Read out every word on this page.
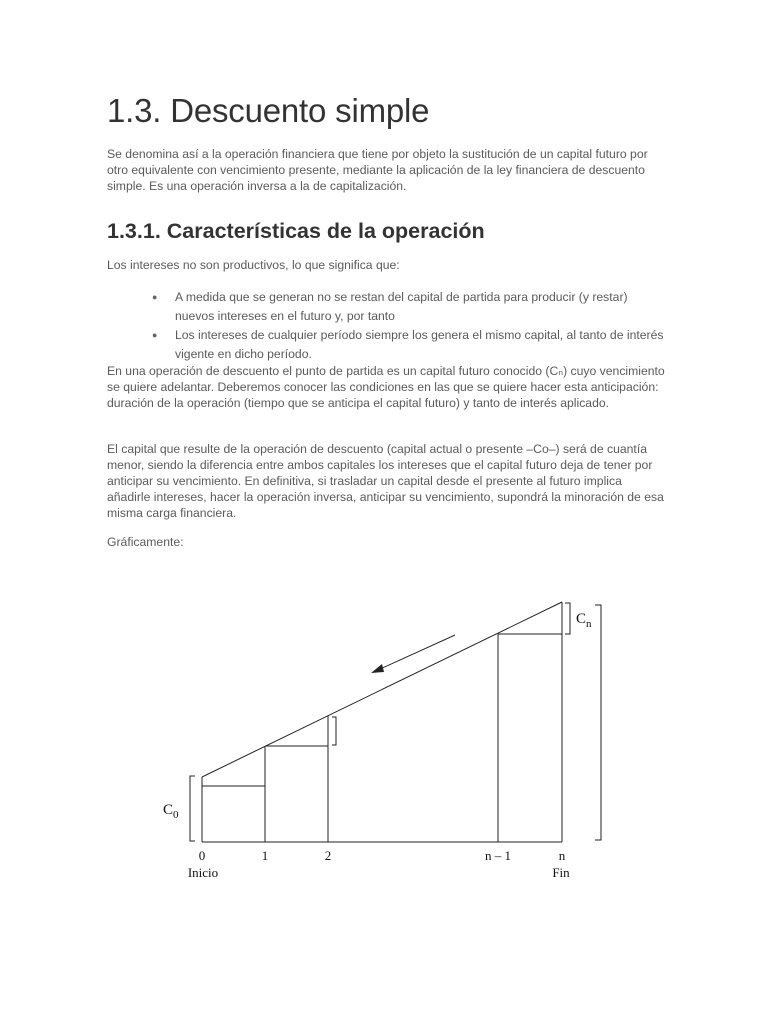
1.3. Descuento simple

Se denomina así a la operación financiera que tiene por objeto la sustitución de un capital futuro por otro equivalente con vencimiento presente, mediante la aplicación de la ley financiera de descuento simple. Es una operación inversa a la de capitalización.

1.3.1. Características de la operación

Los intereses no son productivos, lo que significa que:

● A medida que se generan no se restan del capital de partida para producir (y restar) nuevos intereses en el futuro y, por tanto
● Los intereses de cualquier período siempre los genera el mismo capital, al tanto de interés vigente en dicho período.

En una operación de descuento el punto de partida es un capital futuro conocido (Cₙ) cuyo vencimiento se quiere adelantar. Deberemos conocer las condiciones en las que se quiere hacer esta anticipación: duración de la operación (tiempo que se anticipa el capital futuro) y tanto de interés aplicado.

El capital que resulte de la operación de descuento (capital actual o presente –Co–) será de cuantía menor, siendo la diferencia entre ambos capitales los intereses que el capital futuro deja de tener por anticipar su vencimiento. En definitiva, si trasladar un capital desde el presente al futuro implica añadirle intereses, hacer la operación inversa, anticipar su vencimiento, supondrá la minoración de esa misma carga financiera.

Gráficamente:

$C_0$
$C_n$
0	1	2	n – 1	n
Inicio	Fin
